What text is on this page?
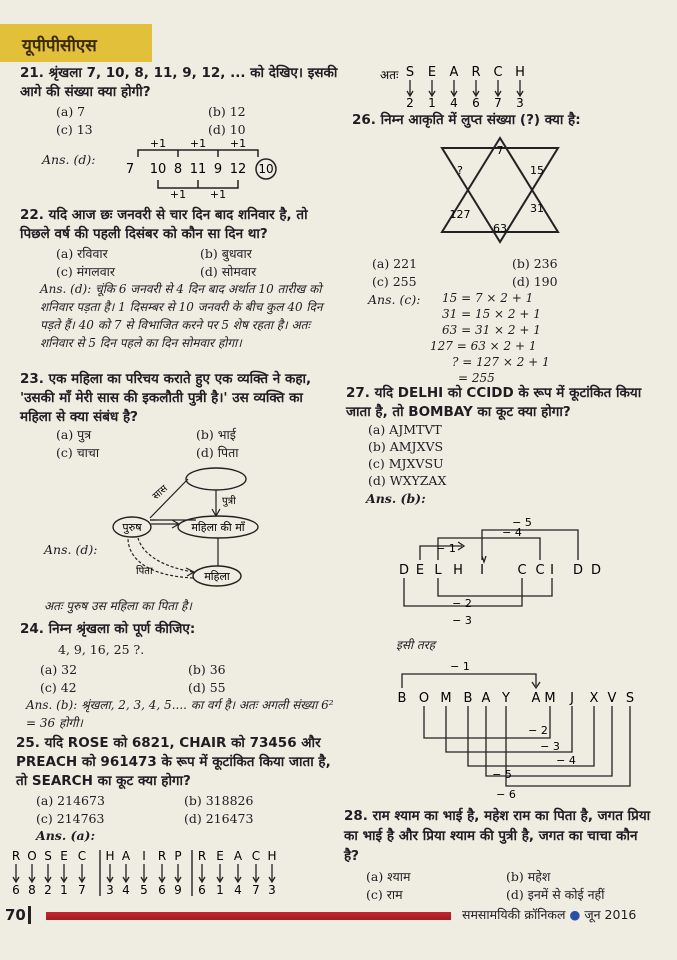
यूपीपीसीएस
21. श्रृंखला 7, 10, 8, 11, 9, 12, ... को देखिए। इसकी आगे की संख्या क्या होगी?
(a) 7	(b) 12
(c) 13	(d) 10
Ans. (d):
+1 +1 +1
+1 +1
7 10 8 11 9 12 10
22. यदि आज छः जनवरी से चार दिन बाद शनिवार है, तो पिछले वर्ष की पहली दिसंबर को कौन सा दिन था?
(a) रविवार	(b) बुधवार
(c) मंगलवार	(d) सोमवार
Ans. (d): चूंकि 6 जनवरी से 4 दिन बाद अर्थात 10 तारीख को शनिवार पड़ता है। 1 दिसम्बर से 10 जनवरी के बीच कुल 40 दिन पड़ते हैं। 40 को 7 से विभाजित करने पर 5 शेष रहता है। अतः शनिवार से 5 दिन पहले का दिन सोमवार होगा।
23. एक महिला का परिचय कराते हुए एक व्यक्ति ने कहा, 'उसकी माँ मेरी सास की इकलौती पुत्री है।' उस व्यक्ति का महिला से क्या संबंध है?
(a) पुत्र	(b) भाई
(c) चाचा	(d) पिता
Ans. (d):
पुरुष	महिला की माँ
महिला
सास	पुत्री
पिता
अतः पुरुष उस महिला का पिता है।
24. निम्न श्रृंखला को पूर्ण कीजिए:
4, 9, 16, 25 ?.
(a) 32	(b) 36
(c) 42	(d) 55
Ans. (b): श्रृंखला, 2, 3, 4, 5.... का वर्ग है। अतः अगली संख्या 6² = 36 होगी।
25. यदि ROSE को 6821, CHAIR को 73456 और PREACH को 961473 के रूप में कूटांकित किया जाता है, तो SEARCH का कूट क्या होगा?
(a) 214673	(b) 318826
(c) 214763	(d) 216473
Ans. (a):
R
6
O
8
S
2
E
1
C
7
H
3
A
4
I
5
R
6
P
9
R
6
E
1
A
4
C
7
H
3
अतः S
2
E
1
A
4
R
6
C
7
H
3
26. निम्न आकृति में लुप्त संख्या (?) क्या है:
7
?	15
127	31
63
(a) 221	(b) 236
(c) 255	(d) 190
Ans. (c):	15 = 7 × 2 + 1
31 = 15 × 2 + 1
63 = 31 × 2 + 1
127 = 63 × 2 + 1
? = 127 × 2 + 1
= 255
27. यदि DELHI को CCIDD के रूप में कूटांकित किया जाता है, तो BOMBAY का कूट क्या होगा?
(a) AJMTVT
(b) AMJXVS
(c) MJXVSU
(d) WXYZAX
Ans. (b):
D E L H I	C C I D D
− 5
− 4
− 1
− 2
− 3
इसी तरह
B O M B A Y A M J X V S
− 1
− 2
− 3
− 4
− 5
− 6
28. राम श्याम का भाई है, महेश राम का पिता है, जगत प्रिया का भाई है और प्रिया श्याम की पुत्री है, जगत का चाचा कौन है?
(a) श्याम	(b) महेश
(c) राम	(d) इनमें से कोई नहीं
70	समसामयिकी क्रॉनिकल ● जून 2016
